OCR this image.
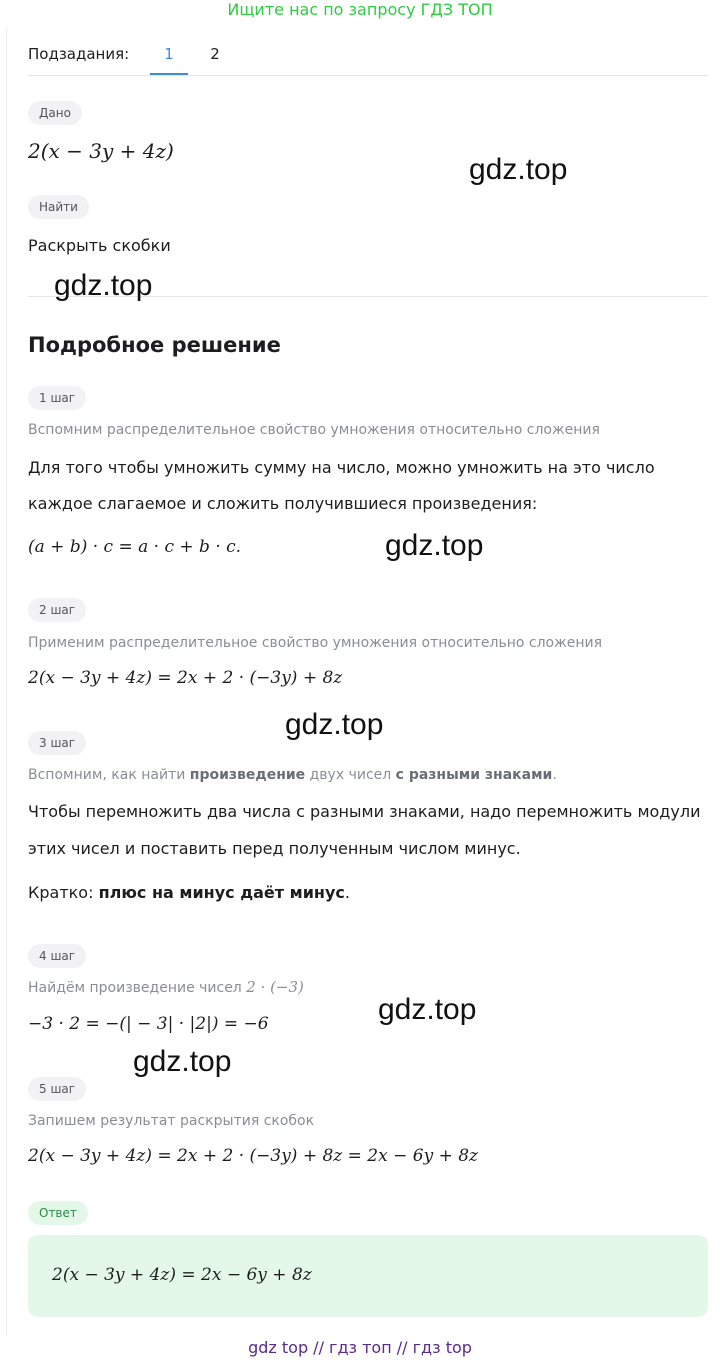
Ищите нас по запросу ГДЗ ТОП
Подзадания:	1	2
Дано
2(x − 3y + 4z)
Найти
Раскрыть скобки
Подробное решение
1 шаг
Вспомним распределительное свойство умножения относительно сложения
Для того чтобы умножить сумму на число, можно умножить на это число
каждое слагаемое и сложить получившиеся произведения:
(a + b) · c = a · c + b · c.
2 шаг
Применим распределительное свойство умножения относительно сложения
2(x − 3y + 4z) = 2x + 2 · (−3y) + 8z
3 шаг
Вспомним, как найти произведение двух чисел с разными знаками.
Чтобы перемножить два числа с разными знаками, надо перемножить модули
этих чисел и поставить перед полученным числом минус.
Кратко: плюс на минус даёт минус.
4 шаг
Найдём произведение чисел 2 · (−3)
−3 · 2 = −(| − 3| · |2|) = −6
5 шаг
Запишем результат раскрытия скобок
2(x − 3y + 4z) = 2x + 2 · (−3y) + 8z = 2x − 6y + 8z
Ответ
2(x − 3y + 4z) = 2x − 6y + 8z
gdz.top
gdz.top
gdz.top
gdz.top
gdz.top
gdz.top
gdz top // гдз топ // гдз top
